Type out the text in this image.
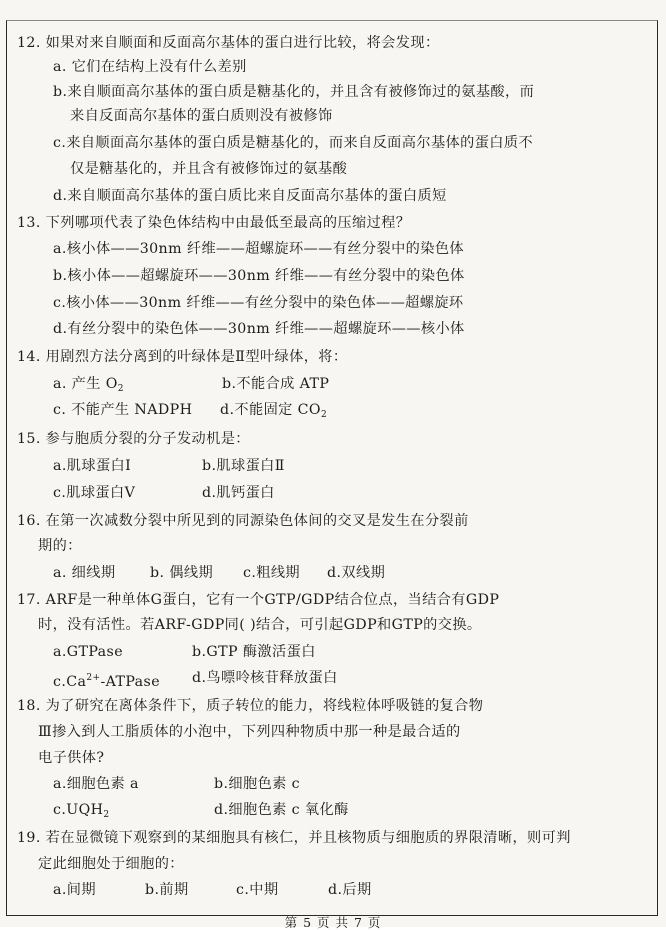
12. 如果对来自顺面和反面高尔基体的蛋白进行比较，将会发现：
a. 它们在结构上没有什么差别
b.来自顺面高尔基体的蛋白质是糖基化的，并且含有被修饰过的氨基酸，而
来自反面高尔基体的蛋白质则没有被修饰
c.来自顺面高尔基体的蛋白质是糖基化的，而来自反面高尔基体的蛋白质不
仅是糖基化的，并且含有被修饰过的氨基酸
d.来自顺面高尔基体的蛋白质比来自反面高尔基体的蛋白质短
13. 下列哪项代表了染色体结构中由最低至最高的压缩过程？
a.核小体——30nm 纤维——超螺旋环——有丝分裂中的染色体
b.核小体——超螺旋环——30nm 纤维——有丝分裂中的染色体
c.核小体——30nm 纤维——有丝分裂中的染色体——超螺旋环
d.有丝分裂中的染色体——30nm 纤维——超螺旋环——核小体
14. 用剧烈方法分离到的叶绿体是Ⅱ型叶绿体，将：
a. 产生 $O_2$	b.不能合成 ATP
c. 不能产生 NADPH d.不能固定 $CO_2$
15. 参与胞质分裂的分子发动机是：
a.肌球蛋白Ⅰ	b.肌球蛋白Ⅱ
c.肌球蛋白Ⅴ	d.肌钙蛋白
16. 在第一次减数分裂中所见到的同源染色体间的交叉是发生在分裂前
期的：
a. 细线期 b. 偶线期 c.粗线期 d.双线期
17. ARF是一种单体G蛋白，它有一个GTP/GDP结合位点，当结合有GDP
时，没有活性。若ARF-GDP同( )结合，可引起GDP和GTP的交换。
a.GTPase	b.GTP 酶激活蛋白
$c.Ca^{2+}$-ATPase d.鸟嘌呤核苷释放蛋白
18. 为了研究在离体条件下，质子转位的能力，将线粒体呼吸链的复合物
Ⅲ掺入到人工脂质体的小泡中，下列四种物质中那一种是最合适的
电子供体?
a.细胞色素 a	b.细胞色素 c
$c.UQH_2$	d.细胞色素 c 氧化酶
19. 若在显微镜下观察到的某细胞具有核仁，并且核物质与细胞质的界限清晰，则可判
定此细胞处于细胞的：
a.间期	b.前期	c.中期	d.后期
第 5 页 共 7 页
